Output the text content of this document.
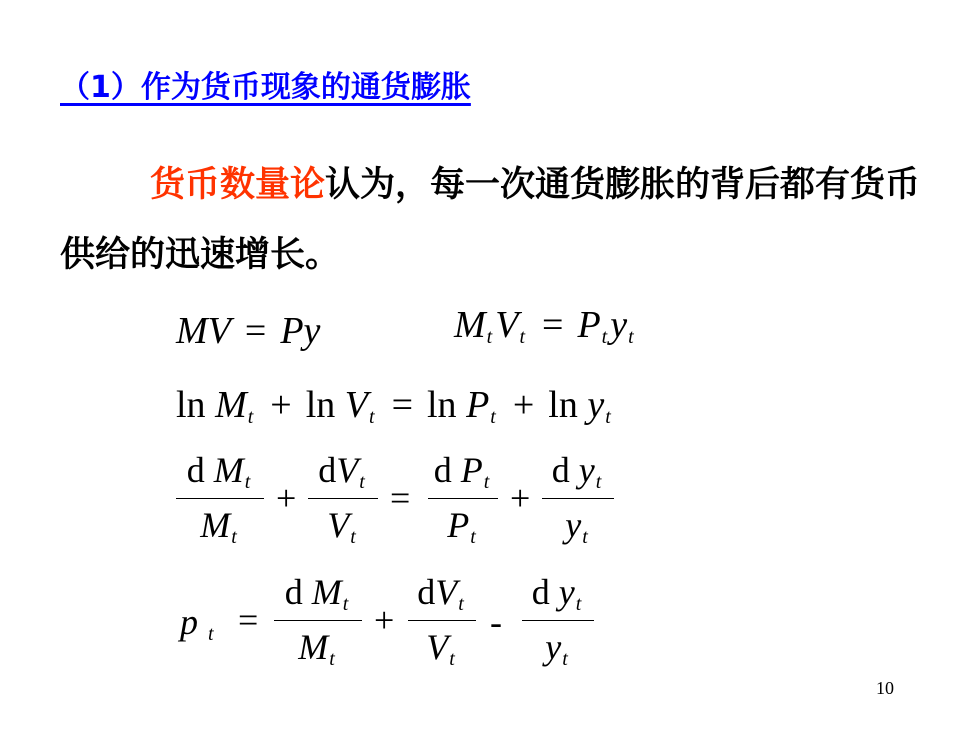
（1）作为货币现象的通货膨胀
货币数量论认为，每一次通货膨胀的背后都有货币供给的迅速增长。
MV = Py	$M_tV_t = P_ty_t$
$\ln M_t + \ln V_t = \ln P_t + \ln y_t$
d $M_t$
$M_t$
+
$dV_t$
$V_t$
=
d $P_t$
$P_t$
+
d $y_t$
$y_t$
p $_t$ =
d $M_t$
$M_t$
+
$dV_t$
$V_t$
-
d $y_t$
$y_t$
10
